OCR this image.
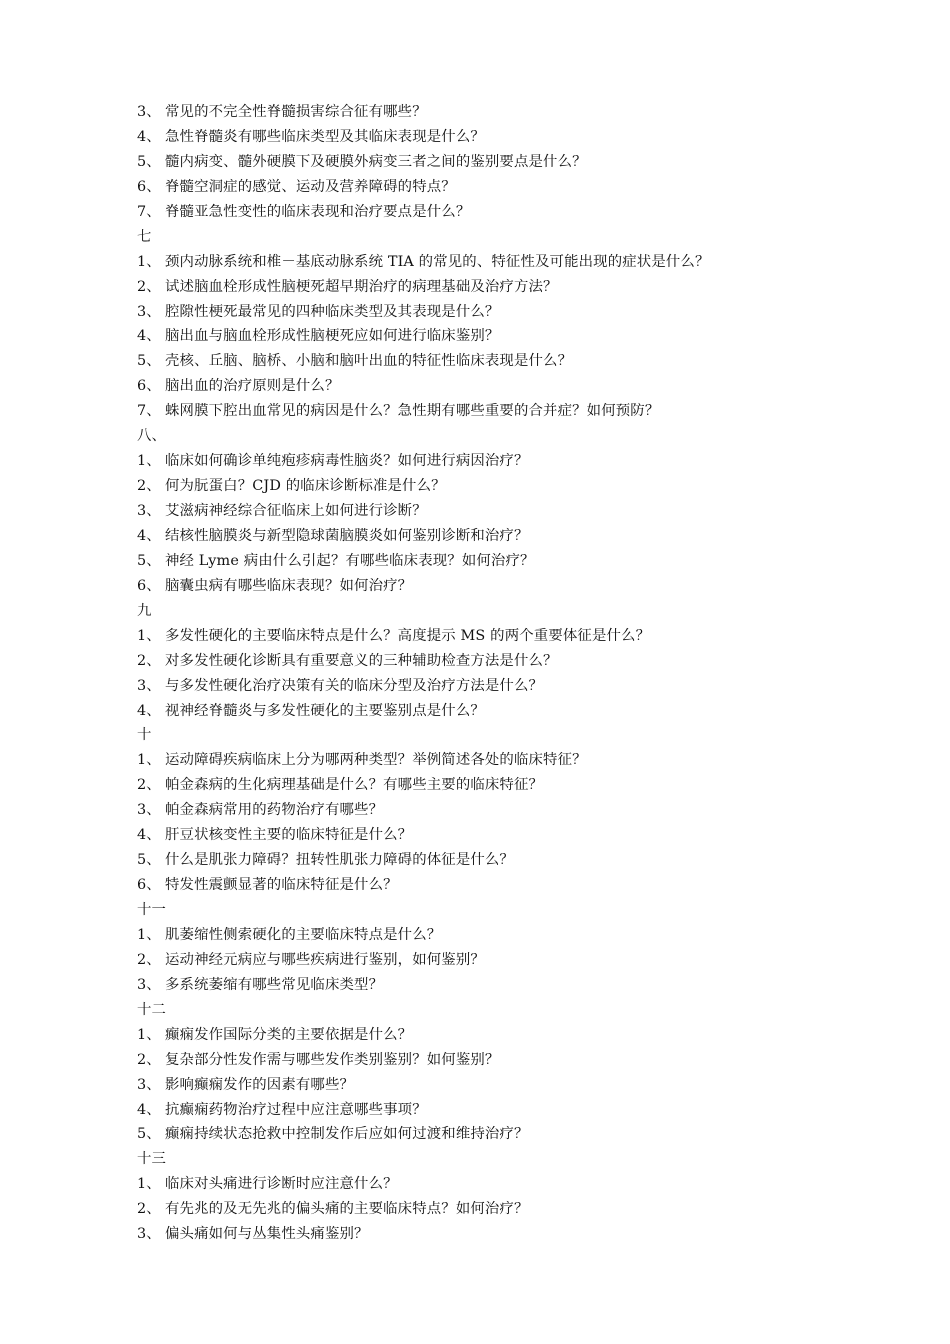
3、 常见的不完全性脊髓损害综合征有哪些？
4、 急性脊髓炎有哪些临床类型及其临床表现是什么？
5、 髓内病变、髓外硬膜下及硬膜外病变三者之间的鉴别要点是什么？
6、 脊髓空洞症的感觉、运动及营养障碍的特点？
7、 脊髓亚急性变性的临床表现和治疗要点是什么？
七
1、 颈内动脉系统和椎－基底动脉系统 TIA 的常见的、特征性及可能出现的症状是什么？
2、 试述脑血栓形成性脑梗死超早期治疗的病理基础及治疗方法？
3、 腔隙性梗死最常见的四种临床类型及其表现是什么？
4、 脑出血与脑血栓形成性脑梗死应如何进行临床鉴别？
5、 壳核、丘脑、脑桥、小脑和脑叶出血的特征性临床表现是什么？
6、 脑出血的治疗原则是什么？
7、 蛛网膜下腔出血常见的病因是什么？急性期有哪些重要的合并症？如何预防？
八、
1、 临床如何确诊单纯疱疹病毒性脑炎？如何进行病因治疗？
2、 何为朊蛋白？CJD 的临床诊断标准是什么？
3、 艾滋病神经综合征临床上如何进行诊断？
4、 结核性脑膜炎与新型隐球菌脑膜炎如何鉴别诊断和治疗？
5、 神经 Lyme 病由什么引起？有哪些临床表现？如何治疗？
6、 脑囊虫病有哪些临床表现？如何治疗？
九
1、 多发性硬化的主要临床特点是什么？高度提示 MS 的两个重要体征是什么？
2、 对多发性硬化诊断具有重要意义的三种辅助检查方法是什么？
3、 与多发性硬化治疗决策有关的临床分型及治疗方法是什么？
4、 视神经脊髓炎与多发性硬化的主要鉴别点是什么？
十
1、 运动障碍疾病临床上分为哪两种类型？举例简述各处的临床特征？
2、 帕金森病的生化病理基础是什么？有哪些主要的临床特征？
3、 帕金森病常用的药物治疗有哪些？
4、 肝豆状核变性主要的临床特征是什么？
5、 什么是肌张力障碍？扭转性肌张力障碍的体征是什么？
6、 特发性震颤显著的临床特征是什么？
十一
1、 肌萎缩性侧索硬化的主要临床特点是什么？
2、 运动神经元病应与哪些疾病进行鉴别，如何鉴别？
3、 多系统萎缩有哪些常见临床类型？
十二
1、 癫痫发作国际分类的主要依据是什么？
2、 复杂部分性发作需与哪些发作类别鉴别？如何鉴别？
3、 影响癫痫发作的因素有哪些？
4、 抗癫痫药物治疗过程中应注意哪些事项？
5、 癫痫持续状态抢救中控制发作后应如何过渡和维持治疗？
十三
1、 临床对头痛进行诊断时应注意什么？
2、 有先兆的及无先兆的偏头痛的主要临床特点？如何治疗？
3、 偏头痛如何与丛集性头痛鉴别？
